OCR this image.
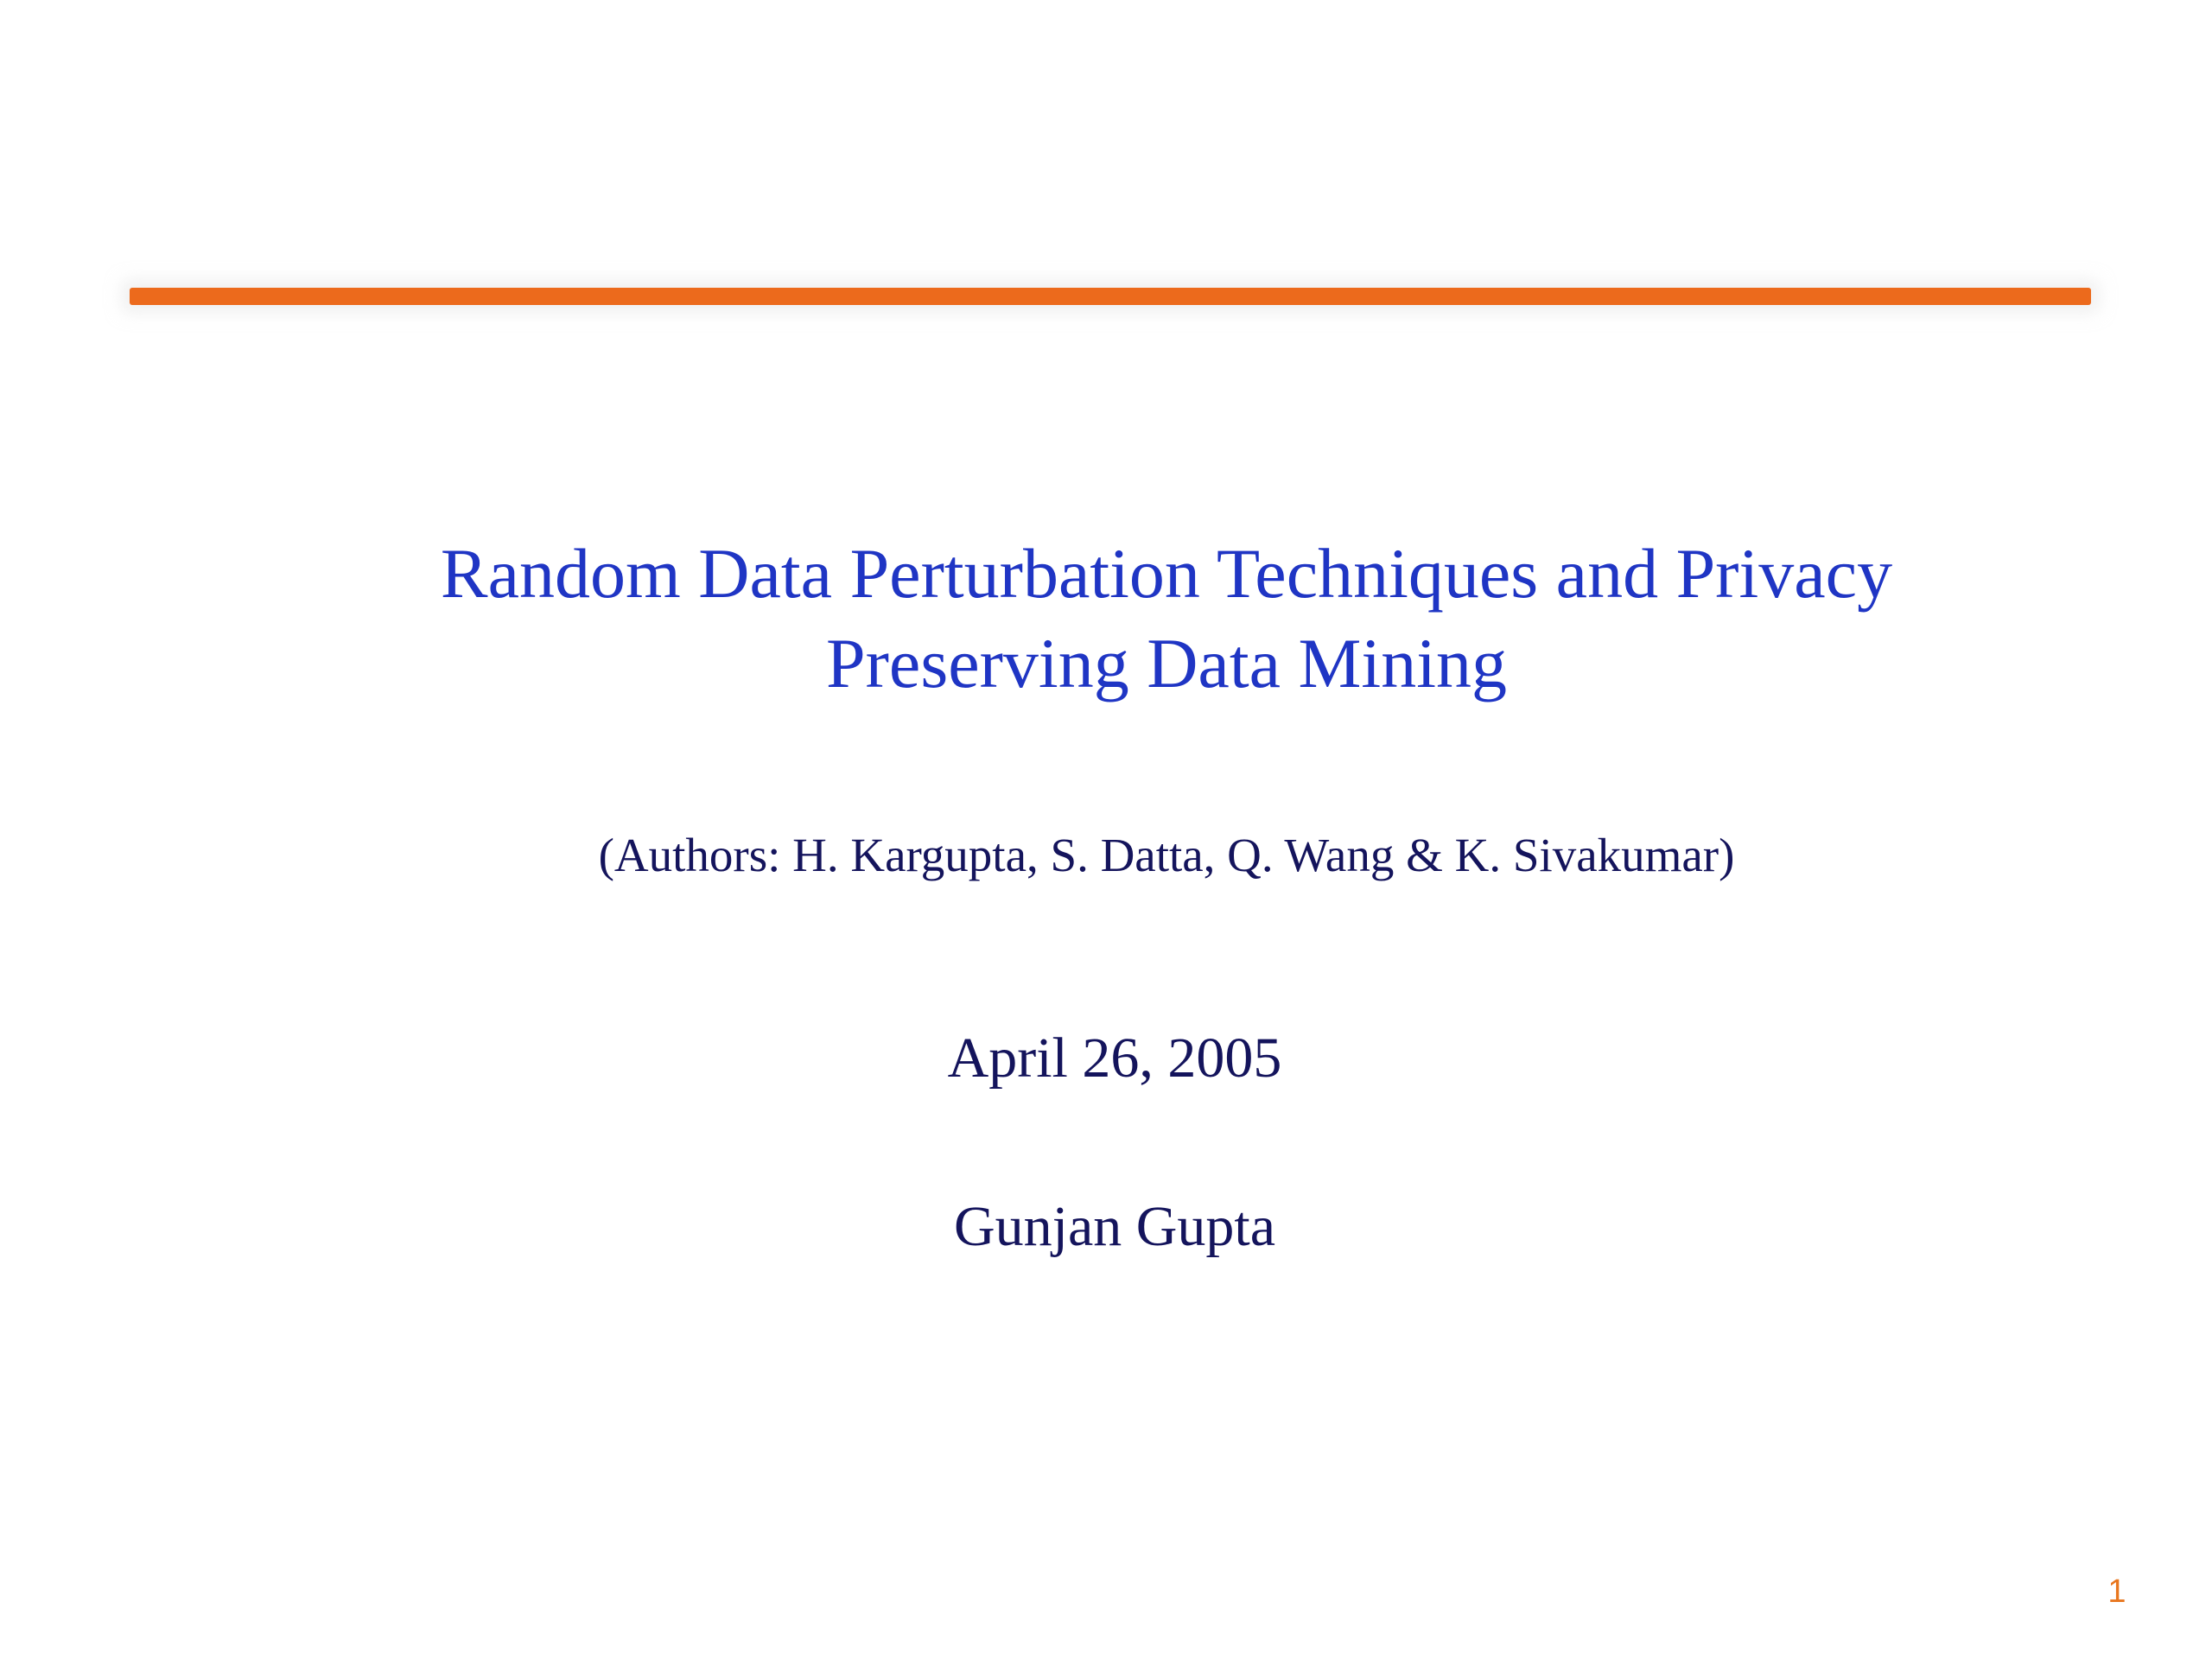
Random Data Perturbation Techniques and Privacy
Preserving Data Mining
(Authors: H. Kargupta, S. Datta, Q. Wang & K. Sivakumar)
April 26, 2005
Gunjan Gupta
1
